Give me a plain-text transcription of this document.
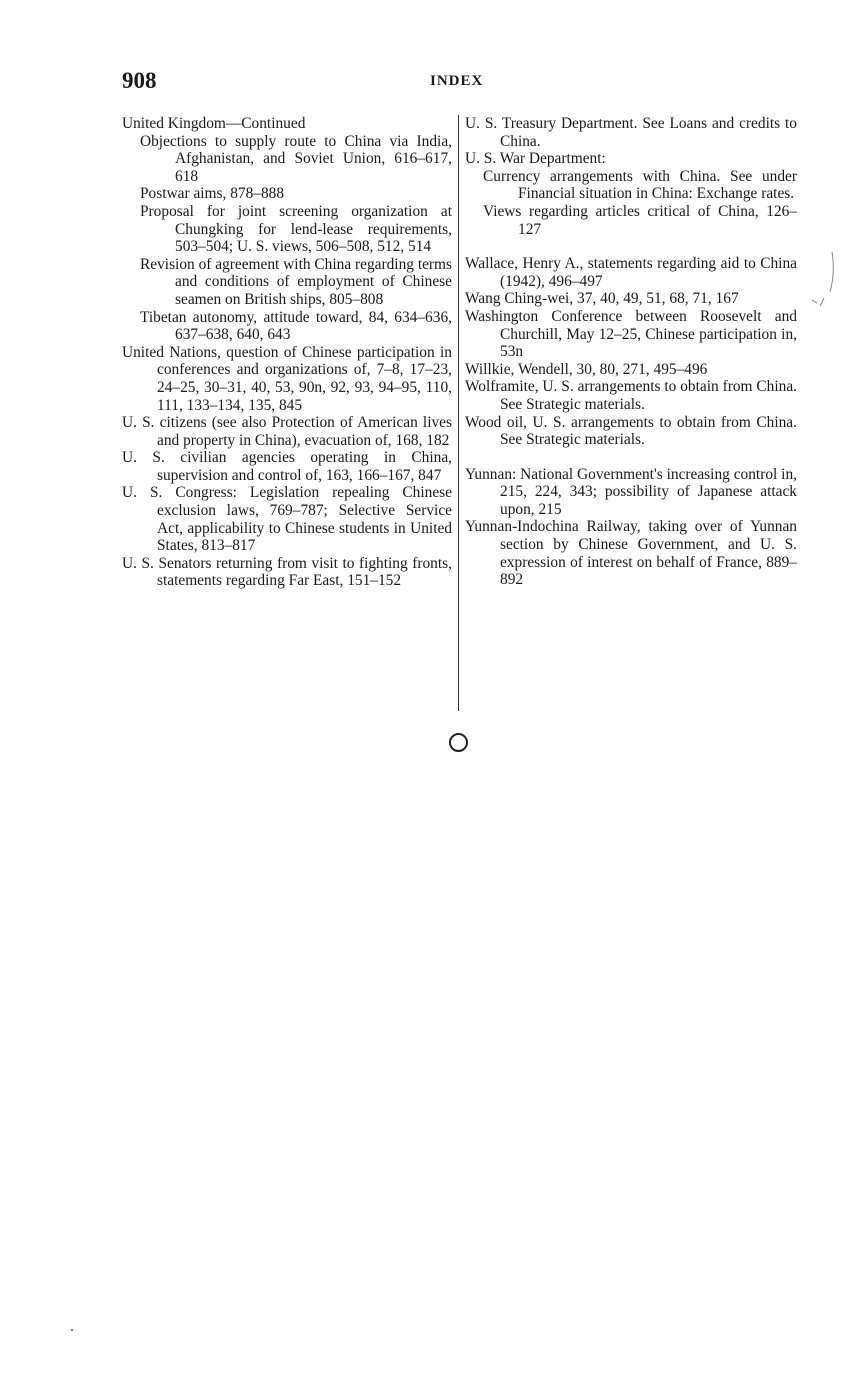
908	INDEX

United Kingdom—Continued

Objections to supply route to China via India, Afghanistan, and Soviet Union, 616–617, 618

Postwar aims, 878–888

Proposal for joint screening organization at Chungking for lend-lease requirements, 503–504; U. S. views, 506–508, 512, 514

Revision of agreement with China regarding terms and conditions of employment of Chinese seamen on British ships, 805–808

Tibetan autonomy, attitude toward, 84, 634–636, 637–638, 640, 643

United Nations, question of Chinese participation in conferences and organizations of, 7–8, 17–23, 24–25, 30–31, 40, 53, 90n, 92, 93, 94–95, 110, 111, 133–134, 135, 845

U. S. citizens (see also Protection of American lives and property in China), evacuation of, 168, 182

U. S. civilian agencies operating in China, supervision and control of, 163, 166–167, 847

U. S. Congress: Legislation repealing Chinese exclusion laws, 769–787; Selective Service Act, applicability to Chinese students in United States, 813–817

U. S. Senators returning from visit to fighting fronts, statements regarding Far East, 151–152

U. S. Treasury Department. See Loans and credits to China.

U. S. War Department:

Currency arrangements with China. See under Financial situation in China: Exchange rates.

Views regarding articles critical of China, 126–127

Wallace, Henry A., statements regarding aid to China (1942), 496–497

Wang Ching-wei, 37, 40, 49, 51, 68, 71, 167

Washington Conference between Roosevelt and Churchill, May 12–25, Chinese participation in, 53n

Willkie, Wendell, 30, 80, 271, 495–496

Wolframite, U. S. arrangements to obtain from China. See Strategic materials.

Wood oil, U. S. arrangements to obtain from China. See Strategic materials.

Yunnan: National Government's increasing control in, 215, 224, 343; possibility of Japanese attack upon, 215

Yunnan-Indochina Railway, taking over of Yunnan section by Chinese Government, and U. S. expression of interest on behalf of France, 889–892
